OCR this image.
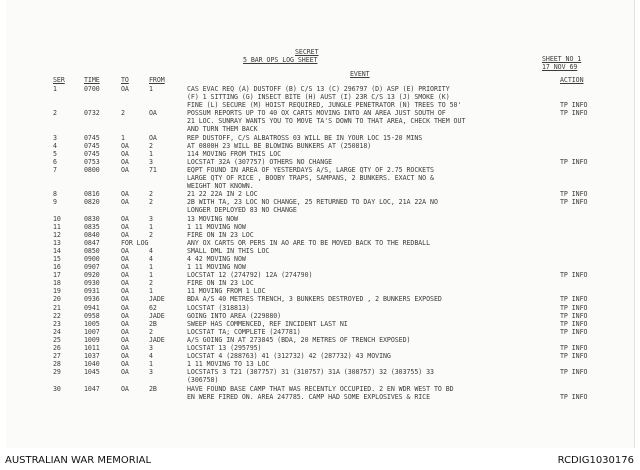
SECRET
5 BAR OPS LOG SHEET	SHEET NO 1
17 NOV 69
SER	TIME	TO	FROM
EVENT
ACTION
1	0700	OA	1	CAS EVAC REQ (A) DUSTOFF (B) C/S 13 (C) 296797 (D) ASP (E) PRIORITY
(F) 1 SITTING (G) INSECT BITE (H) AUST (I) 23R C/S 13 (J) SMOKE (K)
FINE (L) SECURE (M) HOIST REQUIRED, JUNGLE PENETRATOR (N) TREES TO 50'	TP INFO
2	0732	2	OA	POSSUM REPORTS UP TO 40 OX CARTS MOVING INTO AN AREA JUST SOUTH OF
21 LOC. SUNRAY WANTS YOU TO MOVE TA'S DOWN TO THAT AREA, CHECK THEM OUT
AND TURN THEM BACK
TP INFO
3	0745	1	OA	REP DUSTOFF, C/S ALBATROSS 03 WILL BE IN YOUR LOC 15-20 MINS
4	0745	OA	2	AT 0800H 23 WILL BE BLOWING BUNKERS AT (250818)
5	0745	OA	1	114 MOVING FROM THIS LOC
6	0753	OA	3	LOCSTAT 32A (307757) OTHERS NO CHANGE	TP INFO
7	0800	OA	71	EQPT FOUND IN AREA OF YESTERDAYS A/S, LARGE QTY OF 2.75 ROCKETS
LARGE QTY OF RICE , BOOBY TRAPS, SAMPANS, 2 BUNKERS. EXACT NO &
WEIGHT NOT KNOWN.
8	0816	OA	2	21 22 22A IN 2 LOC	TP INFO
9	0820	OA	2	2B WITH TA, 23 LOC NO CHANGE, 25 RETURNED TO DAY LOC, 21A 22A NO
LONGER DEPLOYED 83 NO CHANGE
TP INFO
10	0830	OA	3	13 MOVING NOW
11	0835	OA	1	1 11 MOVING NOW
12	0840	OA	2	FIRE ON IN 23 LOC
13	0847	FOR LOG	ANY OX CARTS OR PERS IN AO ARE TO BE MOVED BACK TO THE REDBALL
14	0850	OA	4	SMALL DML IN THIS LOC
15	0900	OA	4	4 42 MOVING NOW
16	0907	OA	1	1 11 MOVING NOW
17	0920	OA	1	LOCSTAT 12 (274792) 12A (274790)	TP INFO
18	0930	OA	2	FIRE ON IN 23 LOC
19	0931	OA	1	11 MOVING FROM 1 LOC
20	0936	OA	JADE	BDA A/S 40 METRES TRENCH, 3 BUNKERS DESTROYED , 2 BUNKERS EXPOSED	TP INFO
21	0941	OA	62	LOCSTAT (318813)	TP INFO
22	0958	OA	JADE	GOING INTO AREA (229880)	TP INFO
23	1005	OA	2B	SWEEP HAS COMMENCED, REF INCIDENT LAST NI	TP INFO
24	1007	OA	2	LOCSTAT TA; COMPLETE (247781)	TP INFO
25	1009	OA	JADE	A/S GOING IN AT 273845 (BDA, 20 METRES OF TRENCH EXPOSED)
26	1011	OA	3	LOCSTAT 13 (295795)	TP INFO
27	1037	OA	4	LOCSTAT 4 (288763) 41 (312732) 42 (287732) 43 MOVING	TP INFO
28	1040	OA	1	1 11 MOVING TO 13 LOC
29	1045	OA	3	LOCSTATS 3 T21 (307757) 31 (310757) 31A (308757) 32 (303755) 33
(306758)
TP INFO
30	1047	OA	2B	HAVE FOUND BASE CAMP THAT WAS RECENTLY OCCUPIED. 2 EN WDR WEST TO BD
EN WERE FIRED ON. AREA 247785. CAMP HAD SOME EXPLOSIVES & RICE	TP INFO
AUSTRALIAN WAR MEMORIAL	RCDIG1030176
